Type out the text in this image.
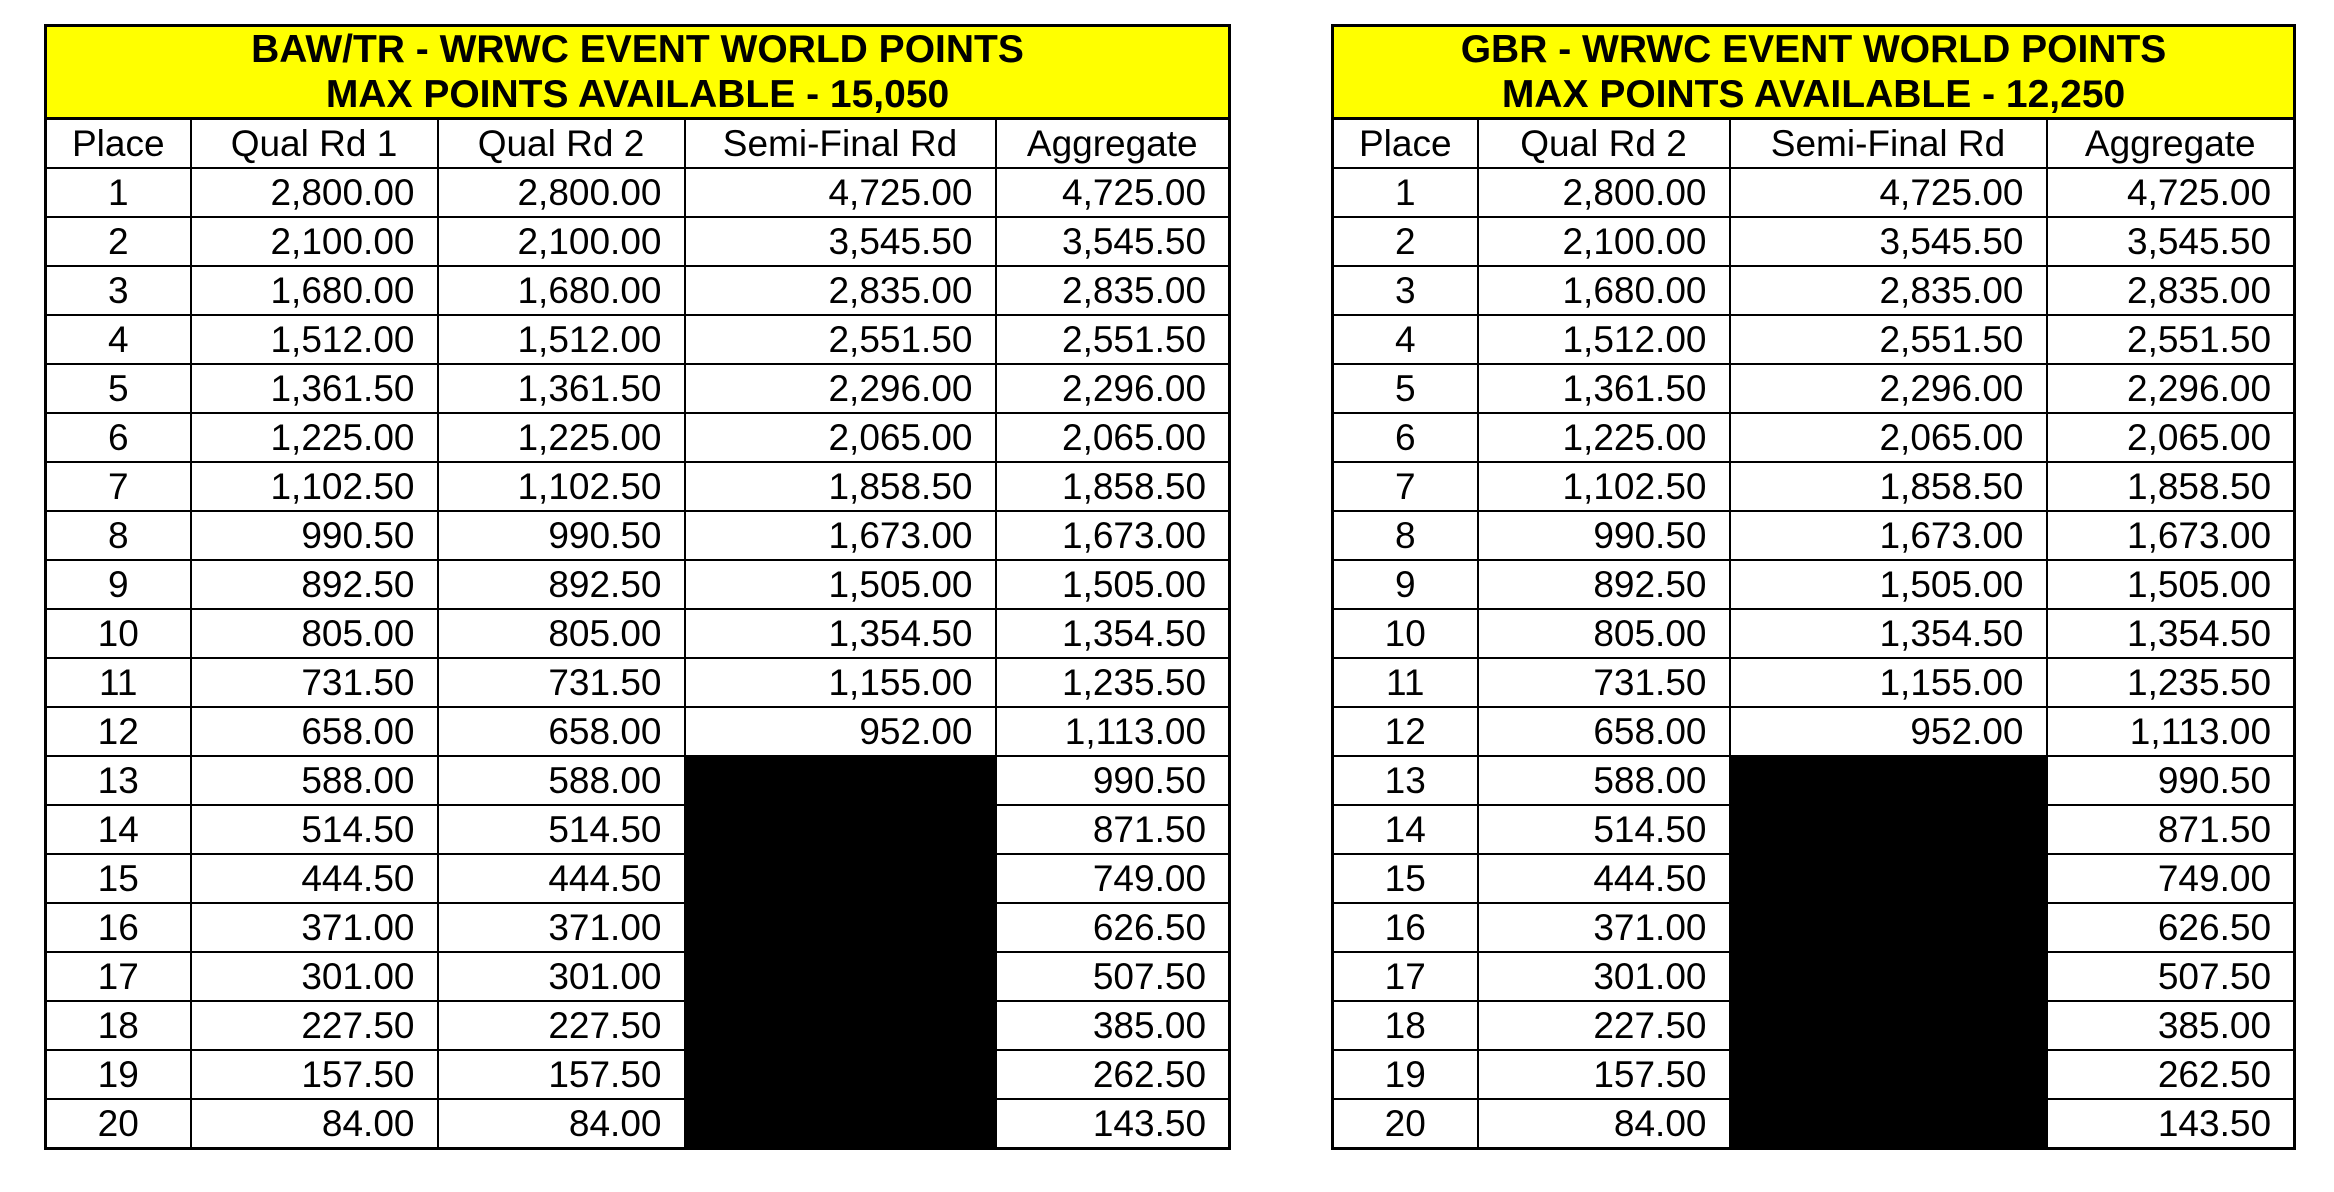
BAW/TR - WRWC EVENT WORLD POINTS
MAX POINTS AVAILABLE - 15,050				

Place	Qual Rd 1	Qual Rd 2	Semi-Final Rd	Aggregate
1	2,800.00	2,800.00	4,725.00	4,725.00
2	2,100.00	2,100.00	3,545.50	3,545.50
3	1,680.00	1,680.00	2,835.00	2,835.00
4	1,512.00	1,512.00	2,551.50	2,551.50
5	1,361.50	1,361.50	2,296.00	2,296.00
6	1,225.00	1,225.00	2,065.00	2,065.00
7	1,102.50	1,102.50	1,858.50	1,858.50
8	990.50	990.50	1,673.00	1,673.00
9	892.50	892.50	1,505.00	1,505.00
10	805.00	805.00	1,354.50	1,354.50
11	731.50	731.50	1,155.00	1,235.50
12	658.00	658.00	952.00	1,113.00
13	588.00	588.00		990.50
14	514.50	514.50		871.50
15	444.50	444.50		749.00
16	371.00	371.00		626.50
17	301.00	301.00		507.50
18	227.50	227.50		385.00
19	157.50	157.50		262.50
20	84.00	84.00		143.50
GBR - WRWC EVENT WORLD POINTS
MAX POINTS AVAILABLE - 12,250			

Place	Qual Rd 2	Semi-Final Rd	Aggregate
1	2,800.00	4,725.00	4,725.00
2	2,100.00	3,545.50	3,545.50
3	1,680.00	2,835.00	2,835.00
4	1,512.00	2,551.50	2,551.50
5	1,361.50	2,296.00	2,296.00
6	1,225.00	2,065.00	2,065.00
7	1,102.50	1,858.50	1,858.50
8	990.50	1,673.00	1,673.00
9	892.50	1,505.00	1,505.00
10	805.00	1,354.50	1,354.50
11	731.50	1,155.00	1,235.50
12	658.00	952.00	1,113.00
13	588.00		990.50
14	514.50		871.50
15	444.50		749.00
16	371.00		626.50
17	301.00		507.50
18	227.50		385.00
19	157.50		262.50
20	84.00		143.50
